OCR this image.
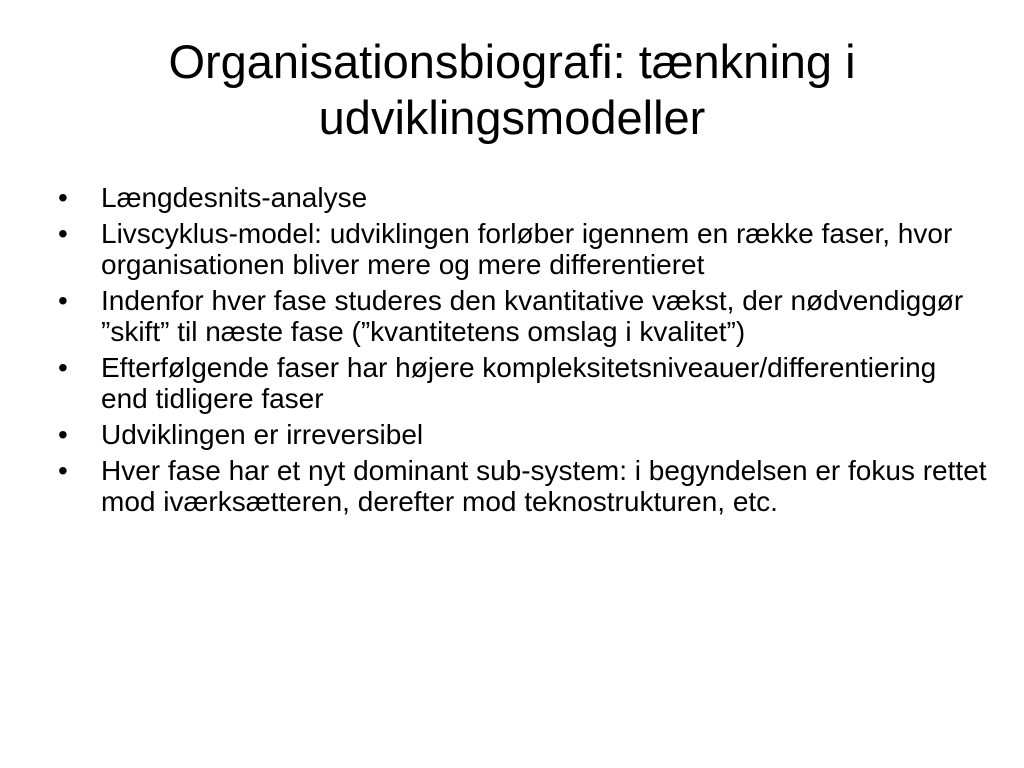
Organisationsbiografi: tænkning i udviklingsmodeller
• Længdesnits-analyse
• Livscyklus-model: udviklingen forløber igennem en række faser, hvor organisationen bliver mere og mere differentieret
• Indenfor hver fase studeres den kvantitative vækst, der nødvendiggør ”skift” til næste fase (”kvantitetens omslag i kvalitet”)
• Efterfølgende faser har højere kompleksitetsniveauer/differentiering end tidligere faser
• Udviklingen er irreversibel
• Hver fase har et nyt dominant sub-system: i begyndelsen er fokus rettet mod iværksætteren, derefter mod teknostrukturen, etc.
